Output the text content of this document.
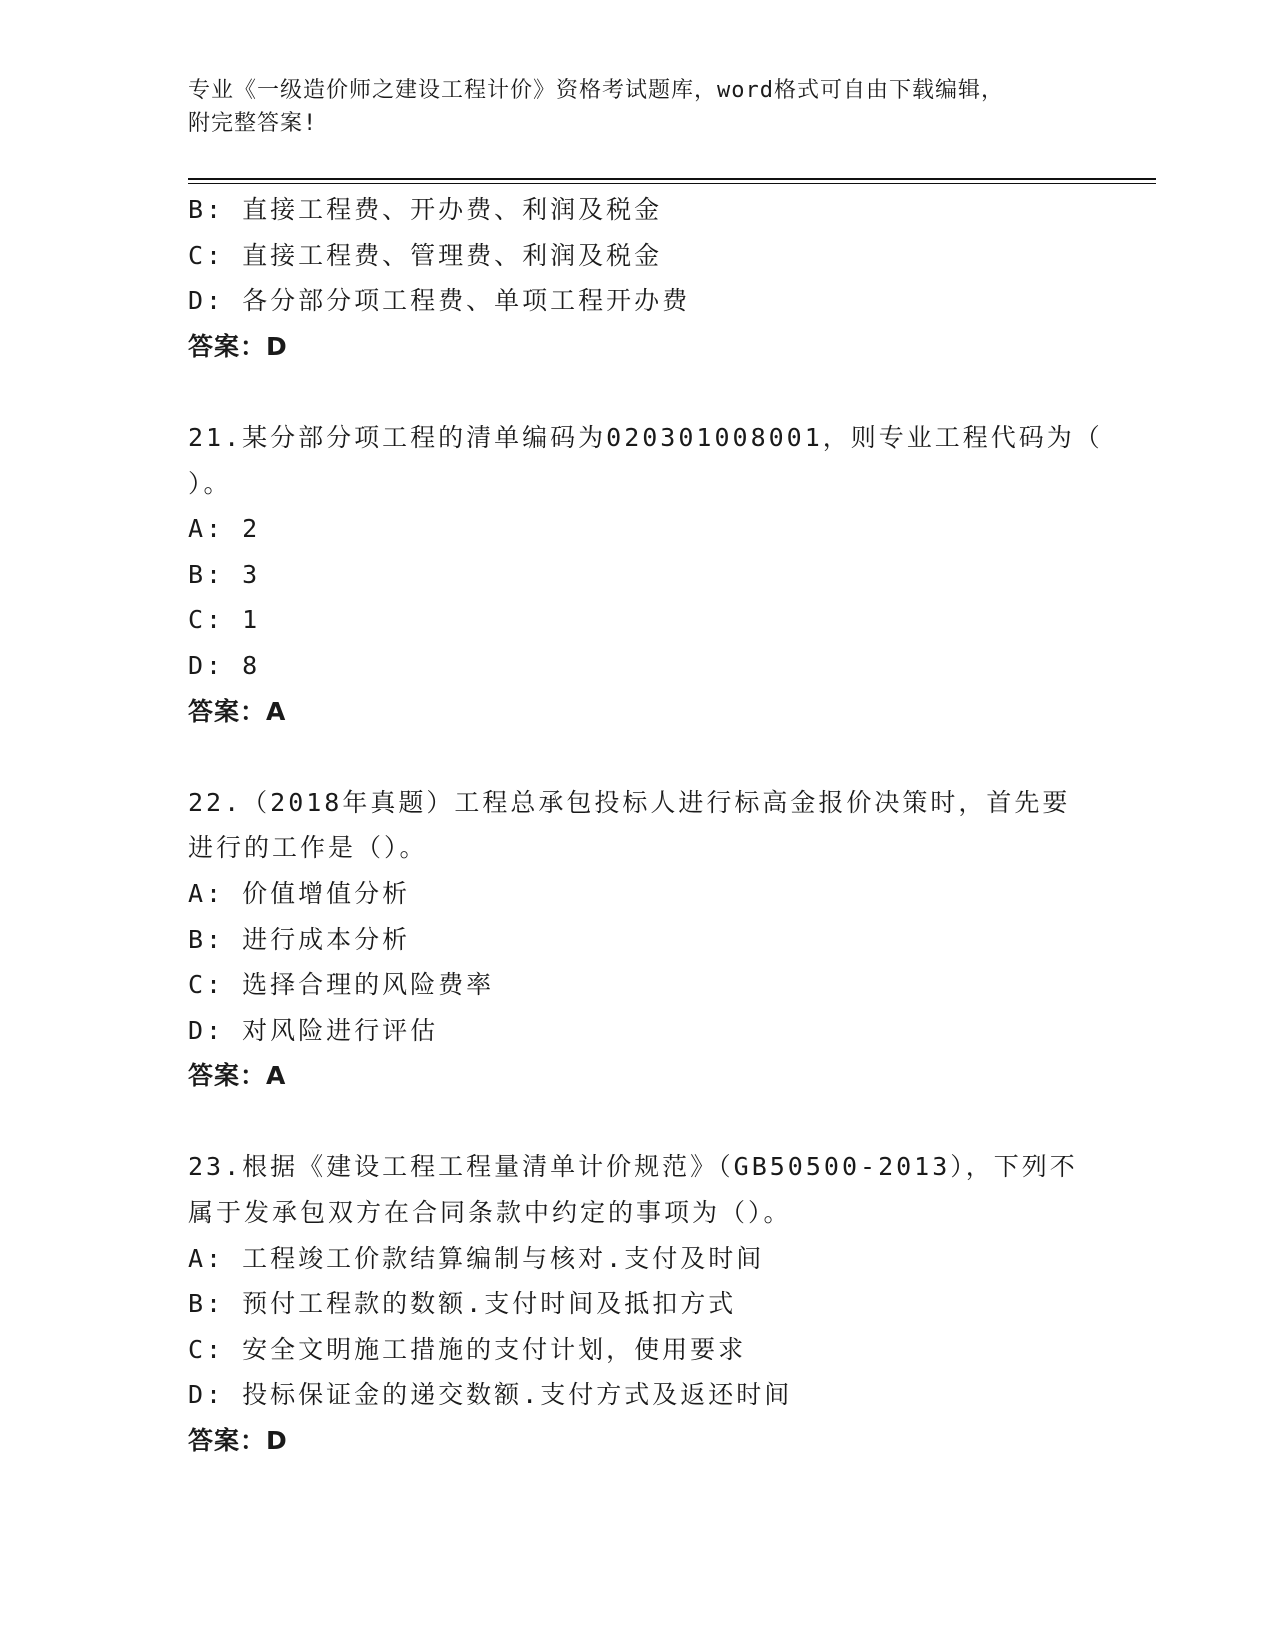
专业《一级造价师之建设工程计价》资格考试题库，word格式可自由下载编辑，
附完整答案!
B: 直接工程费、开办费、利润及税金
C: 直接工程费、管理费、利润及税金
D: 各分部分项工程费、单项工程开办费
答案：D
21.某分部分项工程的清单编码为020301008001，则专业工程代码为（
）。
A: 2
B: 3
C: 1
D: 8
答案：A
22.（2018年真题）工程总承包投标人进行标高金报价决策时，首先要
进行的工作是（）。
A: 价值增值分析
B: 进行成本分析
C: 选择合理的风险费率
D: 对风险进行评估
答案：A
23.根据《建设工程工程量清单计价规范》（GB50500-2013），下列不
属于发承包双方在合同条款中约定的事项为（）。
A: 工程竣工价款结算编制与核对.支付及时间
B: 预付工程款的数额.支付时间及抵扣方式
C: 安全文明施工措施的支付计划，使用要求
D: 投标保证金的递交数额.支付方式及返还时间
答案：D
